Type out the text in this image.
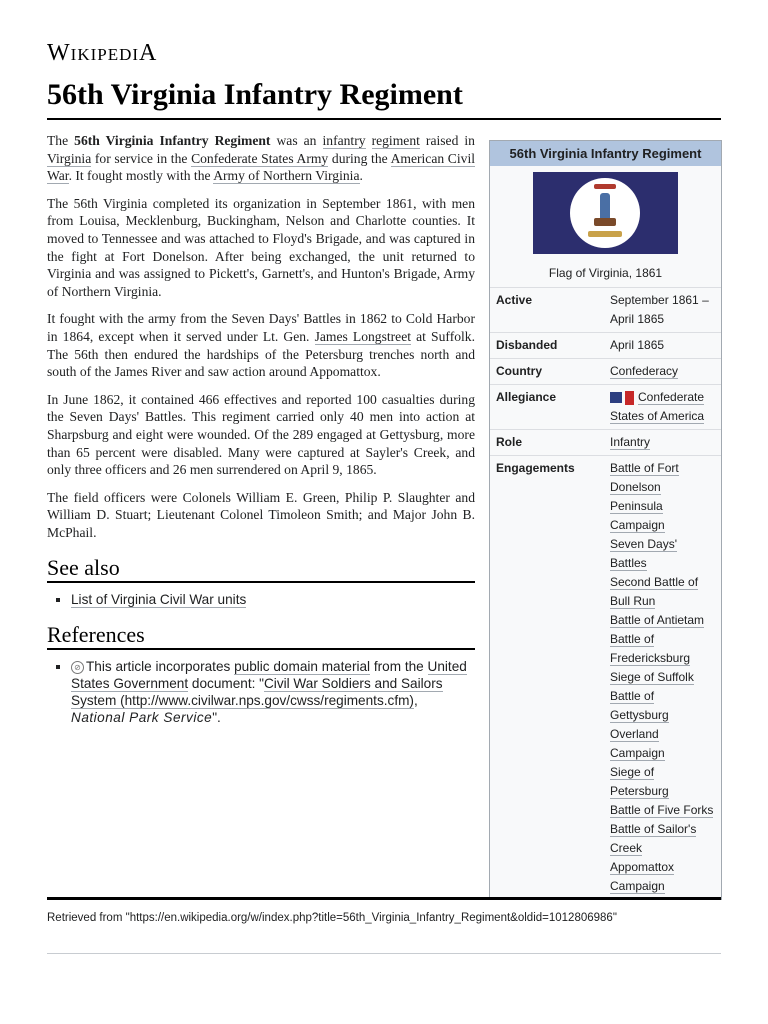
WIKIPEDIA
56th Virginia Infantry Regiment

The 56th Virginia Infantry Regiment was an infantry regiment raised in Virginia for service in the Confederate States Army during the American Civil War. It fought mostly with the Army of Northern Virginia.

The 56th Virginia completed its organization in September 1861, with men from Louisa, Mecklenburg, Buckingham, Nelson and Charlotte counties. It moved to Tennessee and was attached to Floyd's Brigade, and was captured in the fight at Fort Donelson. After being exchanged, the unit returned to Virginia and was assigned to Pickett's, Garnett's, and Hunton's Brigade, Army of Northern Virginia.

It fought with the army from the Seven Days' Battles in 1862 to Cold Harbor in 1864, except when it served under Lt. Gen. James Longstreet at Suffolk. The 56th then endured the hardships of the Petersburg trenches north and south of the James River and saw action around Appomattox.

In June 1862, it contained 466 effectives and reported 100 casualties during the Seven Days' Battles. This regiment carried only 40 men into action at Sharpsburg and eight were wounded. Of the 289 engaged at Gettysburg, more than 65 percent were disabled. Many were captured at Sayler's Creek, and only three officers and 26 men surrendered on April 9, 1865.

The field officers were Colonels William E. Green, Philip P. Slaughter and William D. Stuart; Lieutenant Colonel Timoleon Smith; and Major John B. McPhail.

See also
▪ List of Virginia Civil War units
References
▪ ⊘ This article incorporates public domain material from the United States Government document: "Civil War Soldiers and Sailors System (http://www.civilwar.nps.gov/cwss/regiments.cfm), National Park Service".
56th Virginia Infantry Regiment
Flag of Virginia, 1861
Active	September 1861 – April 1865
Disbanded	April 1865
Country	Confederacy
Allegiance	Confederate States of America
Role	Infantry
Engagements	Battle of Fort Donelson
Peninsula Campaign
Seven Days' Battles
Second Battle of Bull Run
Battle of Antietam
Battle of Fredericksburg
Siege of Suffolk
Battle of Gettysburg
Overland Campaign
Siege of Petersburg
Battle of Five Forks
Battle of Sailor's Creek
Appomattox Campaign
Retrieved from "https://en.wikipedia.org/w/index.php?title=56th_Virginia_Infantry_Regiment&oldid=1012806986"
